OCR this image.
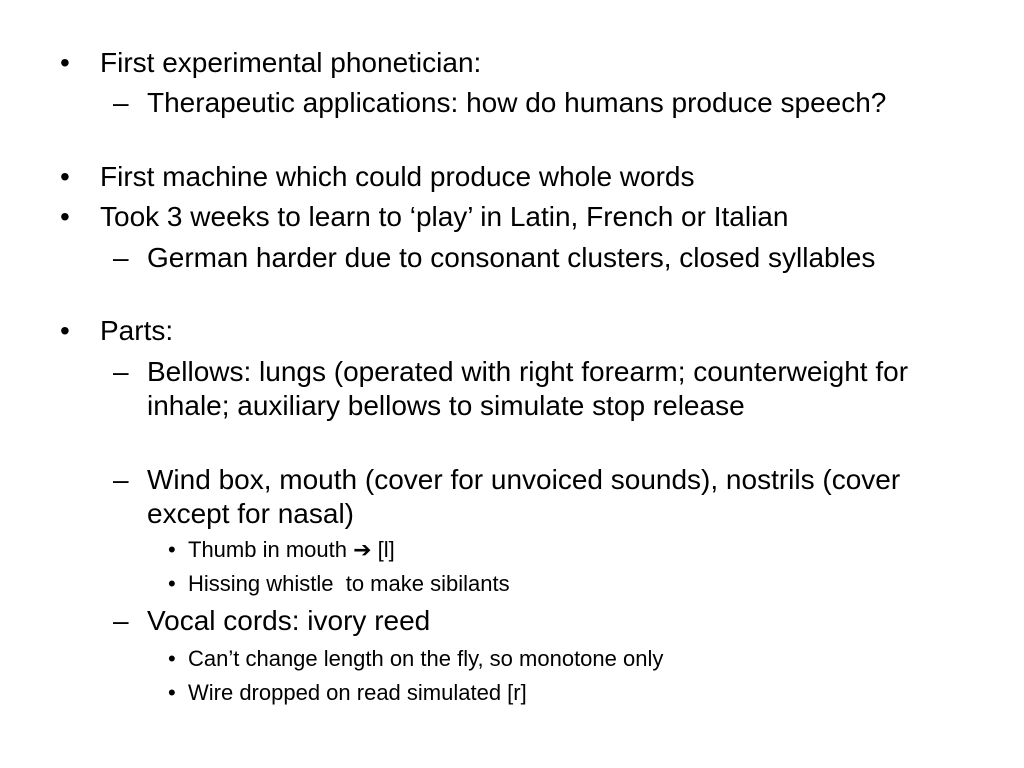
•	First experimental phonetician:
– Therapeutic applications: how do humans produce speech?
•	First machine which could produce whole words
•	Took 3 weeks to learn to ‘play’ in Latin, French or Italian
– German harder due to consonant clusters, closed syllables
•	Parts:
– Bellows: lungs (operated with right forearm; counterweight for inhale; auxiliary bellows to simulate stop release
– Wind box, mouth (cover for unvoiced sounds), nostrils (cover except for nasal)
• Thumb in mouth ➔ [l]
• Hissing whistle  to make sibilants
– Vocal cords: ivory reed
• Can’t change length on the fly, so monotone only
• Wire dropped on read simulated [r]
